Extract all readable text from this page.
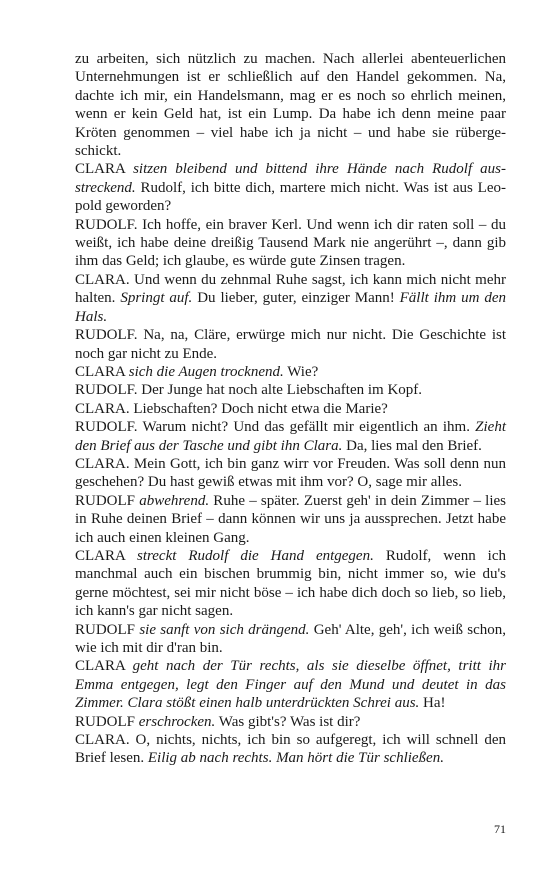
zu arbeiten, sich nützlich zu machen. Nach allerlei abenteuerlichen Unternehmungen ist er schließlich auf den Handel gekommen. Na, dachte ich mir, ein Handelsmann, mag er es noch so ehrlich meinen, wenn er kein Geld hat, ist ein Lump. Da habe ich denn meine paar Kröten genommen – viel habe ich ja nicht – und habe sie rübergeschickt.

CLARA sitzen bleibend und bittend ihre Hände nach Rudolf ausstreckend. Rudolf, ich bitte dich, martere mich nicht. Was ist aus Leopold geworden?

RUDOLF. Ich hoffe, ein braver Kerl. Und wenn ich dir raten soll – du weißt, ich habe deine dreißig Tausend Mark nie angerührt –, dann gib ihm das Geld; ich glaube, es würde gute Zinsen tragen.

CLARA. Und wenn du zehnmal Ruhe sagst, ich kann mich nicht mehr halten. Springt auf. Du lieber, guter, einziger Mann! Fällt ihm um den Hals.

RUDOLF. Na, na, Cläre, erwürge mich nur nicht. Die Geschichte ist noch gar nicht zu Ende.

CLARA sich die Augen trocknend. Wie?

RUDOLF. Der Junge hat noch alte Liebschaften im Kopf.

CLARA. Liebschaften? Doch nicht etwa die Marie?

RUDOLF. Warum nicht? Und das gefällt mir eigentlich an ihm. Zieht den Brief aus der Tasche und gibt ihn Clara. Da, lies mal den Brief.

CLARA. Mein Gott, ich bin ganz wirr vor Freuden. Was soll denn nun geschehen? Du hast gewiß etwas mit ihm vor? O, sage mir alles.

RUDOLF abwehrend. Ruhe – später. Zuerst geh' in dein Zimmer – lies in Ruhe deinen Brief – dann können wir uns ja aussprechen. Jetzt habe ich auch einen kleinen Gang.

CLARA streckt Rudolf die Hand entgegen. Rudolf, wenn ich manchmal auch ein bischen brummig bin, nicht immer so, wie du's gerne möchtest, sei mir nicht böse – ich habe dich doch so lieb, so lieb, ich kann's gar nicht sagen.

RUDOLF sie sanft von sich drängend. Geh' Alte, geh', ich weiß schon, wie ich mit dir d'ran bin.

CLARA geht nach der Tür rechts, als sie dieselbe öffnet, tritt ihr Emma entgegen, legt den Finger auf den Mund und deutet in das Zimmer. Clara stößt einen halb unterdrückten Schrei aus. Ha!

RUDOLF erschrocken. Was gibt's? Was ist dir?

CLARA. O, nichts, nichts, ich bin so aufgeregt, ich will schnell den Brief lesen. Eilig ab nach rechts. Man hört die Tür schließen.

71
